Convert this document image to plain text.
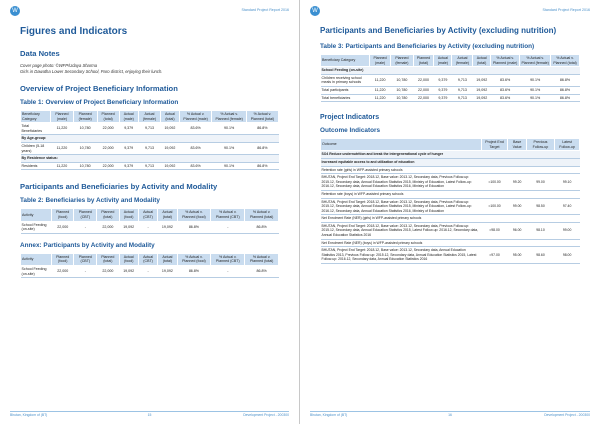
W	Standard Project Report 2016
Figures and Indicators
Data Notes

Cover page photo: ©WFP/Udaya Sharma

Girls in Dawatha Lower Secondary School, Paro district, enjoying their lunch.

Overview of Project Beneficiary Information
Table 1: Overview of Project Beneficiary Information
Beneficiary Category	Planned (male)	Planned (female)	Planned (total)	Actual (male)	Actual (female)	Actual (total)	% Actual v. Planned (male)	% Actual v. Planned (female)	% Actual v. Planned (total)
Total Beneficiaries	11,220	10,780	22,000	9,379	9,713	19,092	83.6%	90.1%	86.8%
By Age-group:									
Children (5-18 years)	11,220	10,780	22,000	9,379	9,713	19,092	83.6%	90.1%	86.8%
By Residence status:									
Residents	11,220	10,780	22,000	9,379	9,713	19,092	83.6%	90.1%	86.8%
Participants and Beneficiaries by Activity and Modality
Table 2: Beneficiaries by Activity and Modality
Activity	Planned (food)	Planned (CBT)	Planned (total)	Actual (food)	Actual (CBT)	Actual (total)	% Actual v. Planned (food)	% Actual v. Planned (CBT)	% Actual v. Planned (total)
School Feeding (on-site)	22,000	-	22,000	19,092	-	19,092	86.8%	-	86.8%
Annex: Participants by Activity and Modality
Activity	Planned (food)	Planned (CBT)	Planned (total)	Actual (food)	Actual (CBT)	Actual (total)	% Actual v. Planned (food)	% Actual v. Planned (CBT)	% Actual v. Planned (total)
School Feeding (on-site)	22,000	-	22,000	19,092	-	19,092	86.8%	-	86.8%
Bhutan, Kingdom of (BT)	15	Development Project - 200300
W	Standard Project Report 2016
Participants and Beneficiaries by Activity (excluding nutrition)
Table 3: Participants and Beneficiaries by Activity (excluding nutrition)
Beneficiary Category	Planned (male)	Planned (female)	Planned (total)	Actual (male)	Actual (female)	Actual (total)	% Actual v. Planned (male)	% Actual v. Planned (female)	% Actual v. Planned (total)
School Feeding (on-site)									
Children receiving school meals in primary schools	11,220	10,780	22,000	9,379	9,713	19,092	83.6%	90.1%	86.8%
Total participants	11,220	10,780	22,000	9,379	9,713	19,092	83.6%	90.1%	86.8%
Total beneficiaries	11,220	10,780	22,000	9,379	9,713	19,092	83.6%	90.1%	86.8%
Project Indicators
Outcome Indicators
Outcome	Project End Target	Base Value	Previous Follow-up	Latest Follow-up
SO4 Reduce undernutrition and break the intergenerational cycle of hunger				
Increased equitable access to and utilization of education				
Retention rate (girls) in WFP-assisted primary schools				
BHUTAN, Project End Target: 2018.12, Base value: 2013.12, Secondary data, Previous Follow-up: 2015.12, Secondary data, Annual Education Statistics 2015, Ministry of Education, Latest Follow-up: 2016.12, Secondary data, Annual Education Statistics 2016, Ministry of Education	=100.00	99.20	99.00	99.10
Retention rate (boys) in WFP-assisted primary schools				
BHUTAN, Project End Target: 2018.12, Base value: 2013.12, Secondary data, Previous Follow-up: 2015.12, Secondary data, Annual Education Statistics 2015, Ministry of Education, Latest Follow-up: 2016.12, Secondary data, Annual Education Statistics 2016, Ministry of Education	=100.00	99.00	98.50	97.40
Net Enrolment Rate (NER) (girls) in WFP-assisted primary schools				
BHUTAN, Project End Target: 2018.12, Base value: 2013.12, Secondary data, Previous Follow-up: 2015.12, Secondary data, Annual Education Statistics 2015, Latest Follow-up: 2016.12, Secondary data, Annual Education Statistics 2016	=98.00	96.00	98.10	99.00
Net Enrolment Rate (NER) (boys) in WFP-assisted primary schools				
BHUTAN, Project End Target: 2018.12, Base value: 2013.12, Secondary data, Annual Education Statistics 2013, Previous Follow-up: 2015.12, Secondary data, Annual Education Statistics 2015, Latest Follow-up: 2016.12, Secondary data, Annual Education Statistics 2016	=97.00	95.00	98.60	98.00
Bhutan, Kingdom of (BT)	16	Development Project - 200300
